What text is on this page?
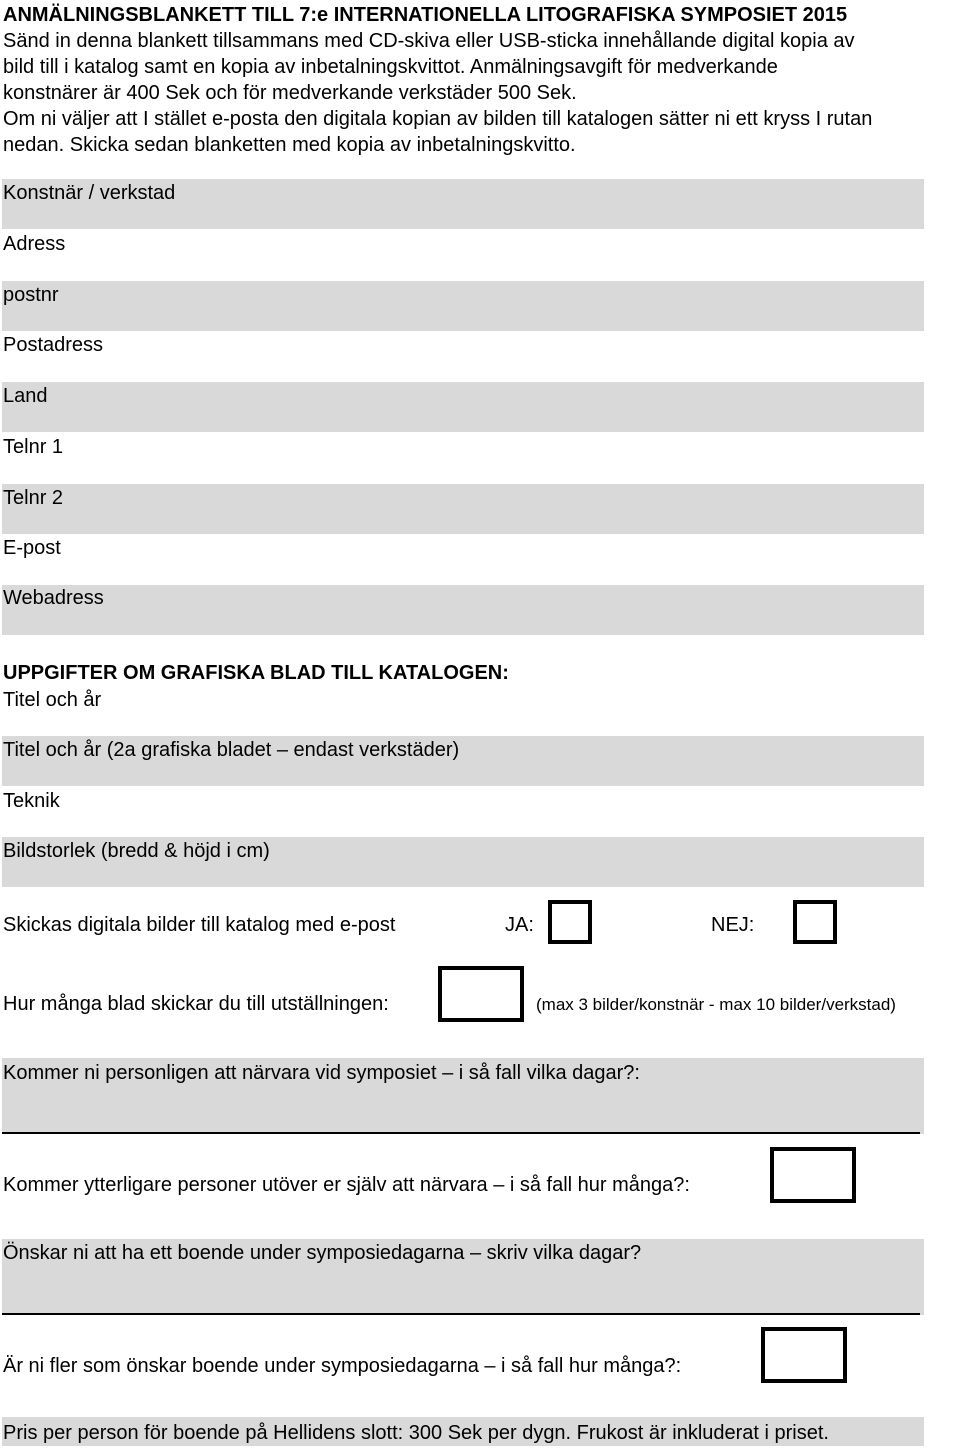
ANMÄLNINGSBLANKETT TILL 7:e INTERNATIONELLA LITOGRAFISKA SYMPOSIET 2015
Sänd in denna blankett tillsammans med CD-skiva eller USB-sticka innehållande digital kopia av
bild till i katalog samt en kopia av inbetalningskvittot. Anmälningsavgift för medverkande
konstnärer är 400 Sek och för medverkande verkstäder 500 Sek.
Om ni väljer att I stället e-posta den digitala kopian av bilden till katalogen sätter ni ett kryss I rutan
nedan. Skicka sedan blanketten med kopia av inbetalningskvitto.
Konstnär / verkstad
Adress
postnr
Postadress
Land
Telnr 1
Telnr 2
E-post
Webadress
UPPGIFTER OM GRAFISKA BLAD TILL KATALOGEN:
Titel och år
Titel och år (2a grafiska bladet – endast verkstäder)
Teknik
Bildstorlek (bredd & höjd i cm)
Skickas digitala bilder till katalog med e-post	JA:	NEJ:
Hur många blad skickar du till utställningen:	(max 3 bilder/konstnär - max 10 bilder/verkstad)
Kommer ni personligen att närvara vid symposiet – i så fall vilka dagar?:
Kommer ytterligare personer utöver er själv att närvara – i så fall hur många?:
Önskar ni att ha ett boende under symposiedagarna – skriv vilka dagar?
Är ni fler som önskar boende under symposiedagarna – i så fall hur många?:
Pris per person för boende på Hellidens slott: 300 Sek per dygn. Frukost är inkluderat i priset.
